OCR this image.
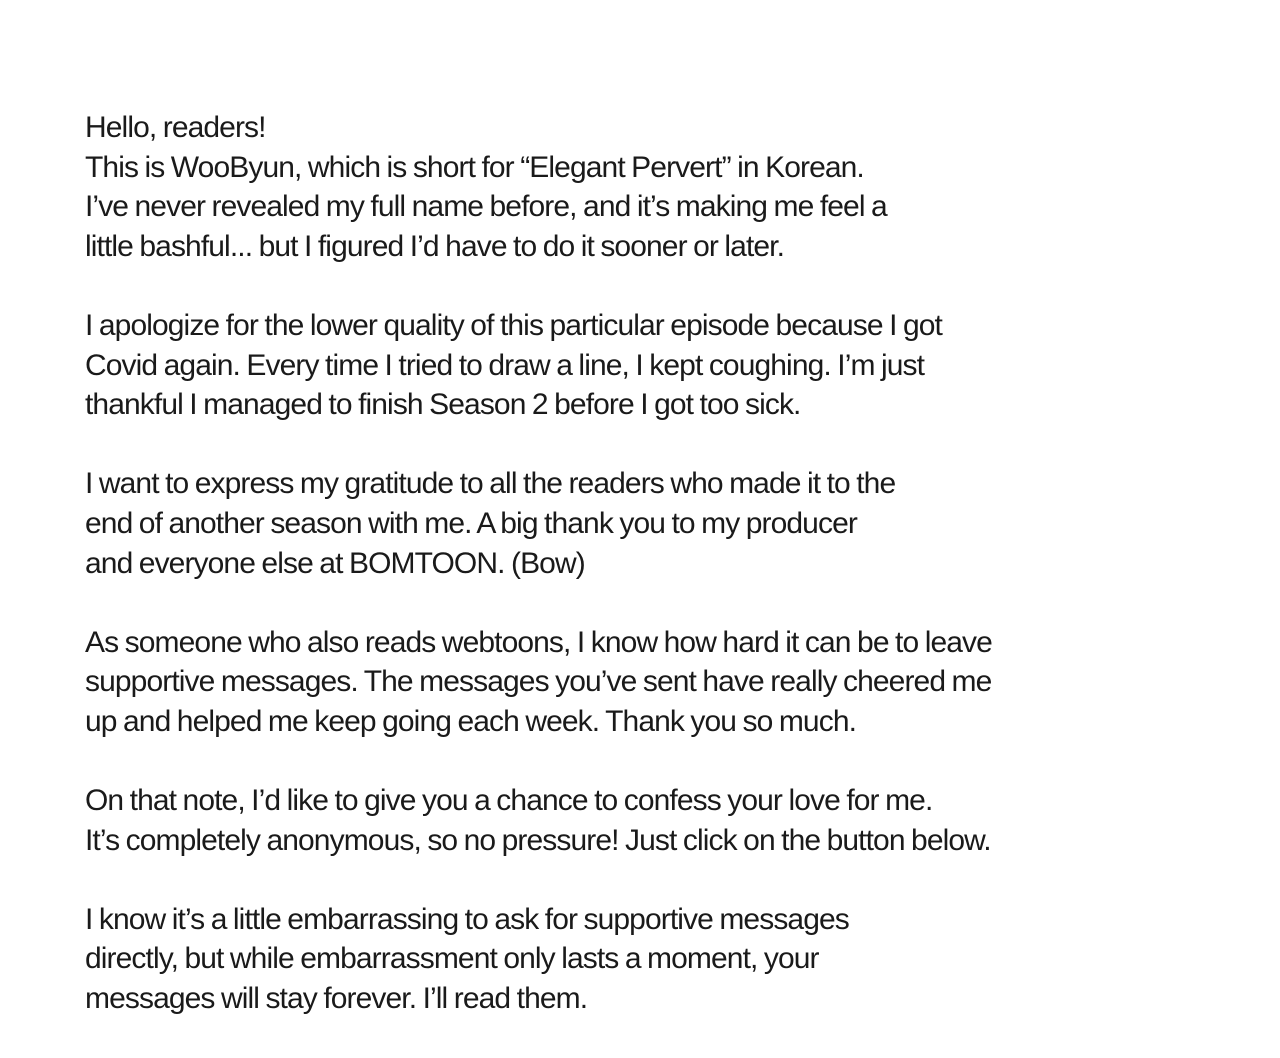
Hello, readers!
This is WooByun, which is short for “Elegant Pervert” in Korean.
I’ve never revealed my full name before, and it’s making me feel a
little bashful... but I figured I’d have to do it sooner or later.
I apologize for the lower quality of this particular episode because I got
Covid again. Every time I tried to draw a line, I kept coughing. I’m just
thankful I managed to finish Season 2 before I got too sick.
I want to express my gratitude to all the readers who made it to the
end of another season with me. A big thank you to my producer
and everyone else at BOMTOON. (Bow)
As someone who also reads webtoons, I know how hard it can be to leave
supportive messages. The messages you’ve sent have really cheered me
up and helped me keep going each week. Thank you so much.
On that note, I’d like to give you a chance to confess your love for me.
It’s completely anonymous, so no pressure! Just click on the button below.
I know it’s a little embarrassing to ask for supportive messages
directly, but while embarrassment only lasts a moment, your
messages will stay forever. I’ll read them.
